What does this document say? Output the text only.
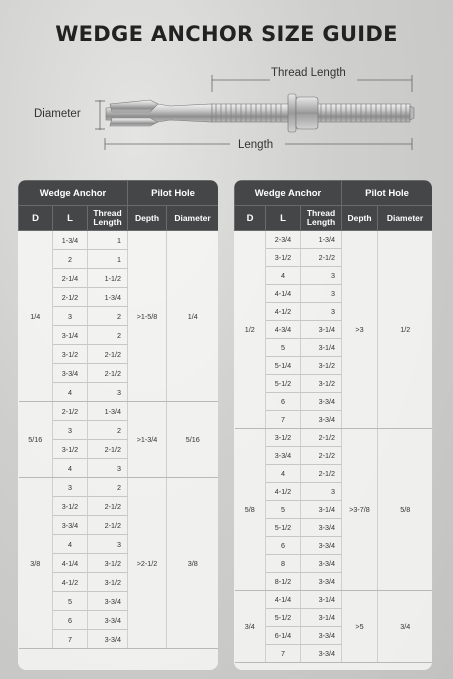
WEDGE ANCHOR SIZE GUIDE
Thread Length
Diameter
Length
Wedge Anchor			Pilot Hole	
D	L	Thread Length	Depth	Diameter
1/4	1-3/4	1	>1-5/8	1/4
	2	1		
	2-1/4	1-1/2		
	2-1/2	1-3/4		
	3	2		
	3-1/4	2		
	3-1/2	2-1/2		
	3-3/4	2-1/2		
	4	3		
5/16	2-1/2	1-3/4	>1-3/4	5/16
	3	2		
	3-1/2	2-1/2		
	4	3		
3/8	3	2	>2-1/2	3/8
	3-1/2	2-1/2		
	3-3/4	2-1/2		
	4	3		
	4-1/4	3-1/2		
	4-1/2	3-1/2		
	5	3-3/4		
	6	3-3/4		
	7	3-3/4		
Wedge Anchor			Pilot Hole	
D	L	Thread Length	Depth	Diameter
1/2	2-3/4	1-3/4	>3	1/2
	3-1/2	2-1/2		
	4	3		
	4-1/4	3		
	4-1/2	3		
	4-3/4	3-1/4		
	5	3-1/4		
	5-1/4	3-1/2		
	5-1/2	3-1/2		
	6	3-3/4		
	7	3-3/4		
5/8	3-1/2	2-1/2	>3-7/8	5/8
	3-3/4	2-1/2		
	4	2-1/2		
	4-1/2	3		
	5	3-1/4		
	5-1/2	3-3/4		
	6	3-3/4		
	8	3-3/4		
	8-1/2	3-3/4		
3/4	4-1/4	3-1/4	>5	3/4
	5-1/2	3-1/4		
	6-1/4	3-3/4		
	7	3-3/4		
